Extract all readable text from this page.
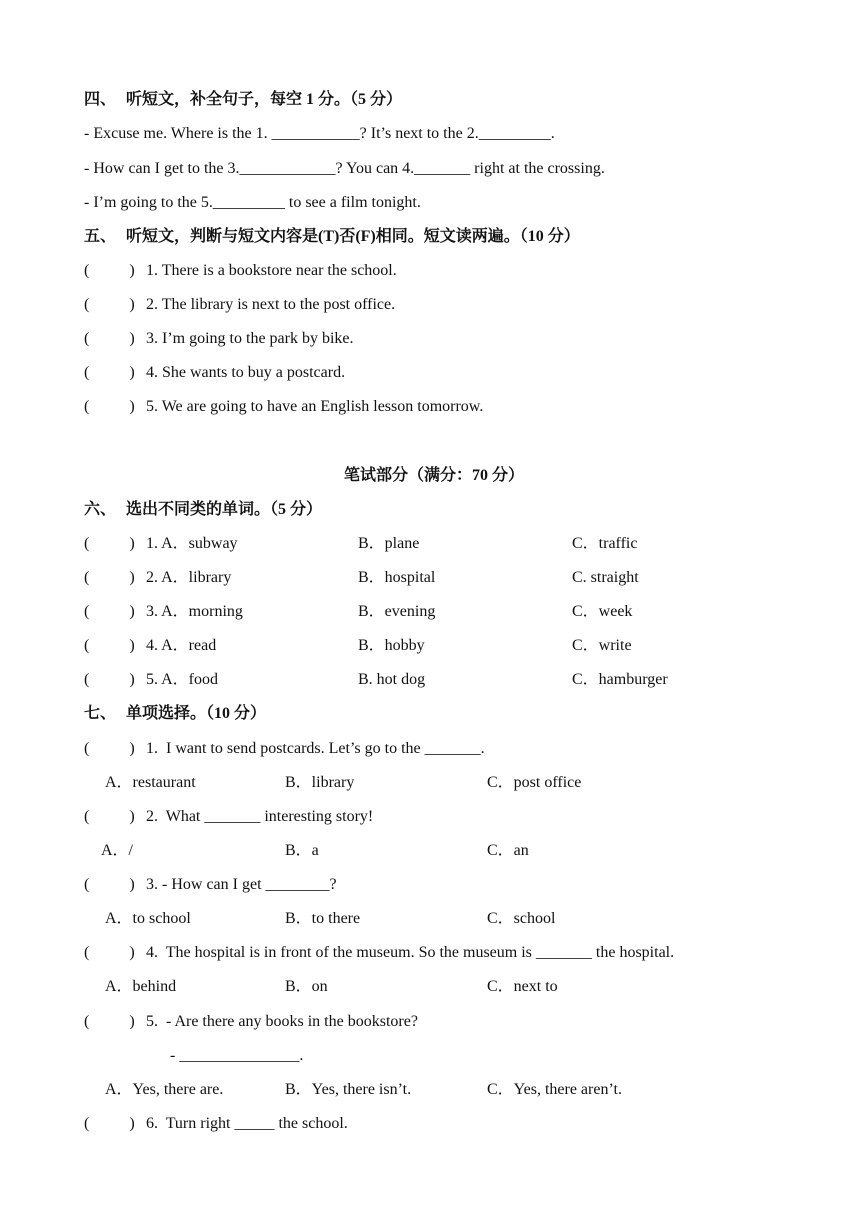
四、 听短文，补全句子，每空 1 分。（5 分）
- Excuse me. Where is the 1. ___________? It’s next to the 2._________.
- How can I get to the 3.____________? You can 4._______ right at the crossing.
- I’m going to the 5._________ to see a film tonight.
五、 听短文，判断与短文内容是(T)否(F)相同。短文读两遍。（10 分）
(          ) 1. There is a bookstore near the school.
(          ) 2. The library is next to the post office.
(          ) 3. I’m going to the park by bike.
(          ) 4. She wants to buy a postcard.
(          ) 5. We are going to have an English lesson tomorrow.
笔试部分（满分：70 分）
六、 选出不同类的单词。（5 分）
(          ) 1. A．subway	B．plane	C．traffic
(          ) 2. A．library	B．hospital	C. straight
(          ) 3. A．morning	B．evening	C．week
(          ) 4. A．read	B．hobby	C．write
(          ) 5. A．food	B. hot dog	C．hamburger
七、 单项选择。（10 分）
(          ) 1.  I want to send postcards. Let’s go to the _______.
A．restaurant	B．library	C．post office
(          ) 2.  What _______ interesting story!
A．/	B．a	C．an
(          ) 3. - How can I get ________?
A．to school	B．to there	C．school
(          ) 4.  The hospital is in front of the museum. So the museum is _______ the hospital.
A．behind	B．on	C．next to
(          ) 5.  - Are there any books in the bookstore?
- _______________.
A．Yes, there are.	B．Yes, there isn’t.	C．Yes, there aren’t.
(          ) 6.  Turn right _____ the school.
